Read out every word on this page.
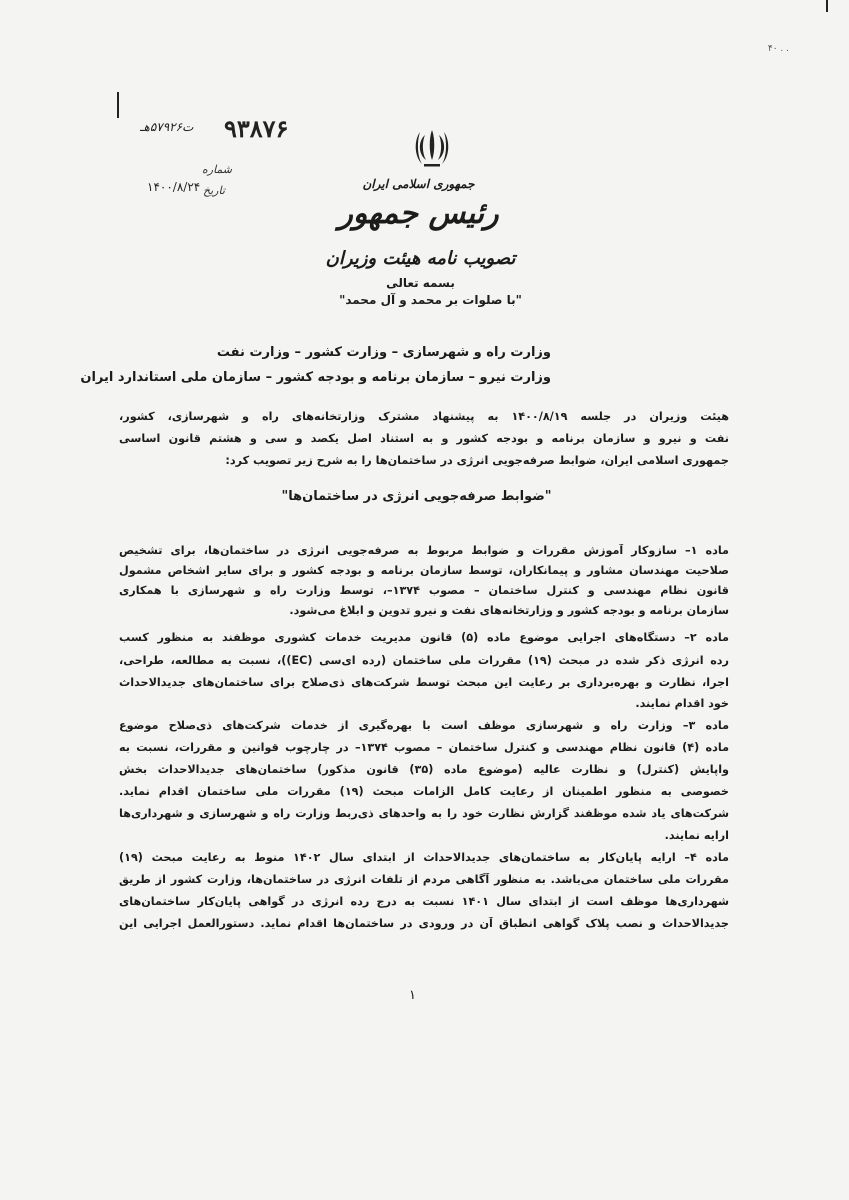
۴۰ . .
۹۳۸۷۶
ت۵۷۹۲۶هـ
شماره
۱۴۰۰/۸/۲۴ تاریخ	جمهوری اسلامی ایران
رئیس جمهور
تصویب نامه هیئت وزیران
بسمه تعالی
"با صلوات بر محمد و آل محمد"
وزارت راه و شهرسازی – وزارت کشور – وزارت نفت
وزارت نیرو – سازمان برنامه و بودجه کشور – سازمان ملی استاندارد ایران
هیئت وزیران در جلسه ۱۴۰۰/۸/۱۹ به پیشنهاد مشترک وزارتخانه‌های راه و شهرسازی، کشور،
نفت و نیرو و سازمان برنامه و بودجه کشور و به استناد اصل یکصد و سی و هشتم قانون اساسی
جمهوری اسلامی ایران، ضوابط صرفه‌جویی انرژی در ساختمان‌ها را به شرح زیر تصویب کرد:
"ضوابط صرفه‌جویی انرژی در ساختمان‌ها"
ماده ۱– سازوکار آموزش مقررات و ضوابط مربوط به صرفه‌جویی انرژی در ساختمان‌ها، برای تشخیص
صلاحیت مهندسان مشاور و پیمانکاران، توسط سازمان برنامه و بودجه کشور و برای سایر اشخاص مشمول
قانون نظام مهندسی و کنترل ساختمان – مصوب ۱۳۷۴–، توسط وزارت راه و شهرسازی با همکاری
سازمان برنامه و بودجه کشور و وزارتخانه‌های نفت و نیرو تدوین و ابلاغ می‌شود.
ماده ۲– دستگاه‌های اجرایی موضوع ماده (۵) قانون مدیریت خدمات کشوری موظفند به منظور کسب
رده انرژی ذکر شده در مبحث (۱۹) مقررات ملی ساختمان (رده ای‌سی (EC))، نسبت به مطالعه، طراحی،
اجرا، نظارت و بهره‌برداری بر رعایت این مبحث توسط شرکت‌های ذی‌صلاح برای ساختمان‌های جدیدالاحداث
خود اقدام نمایند.
ماده ۳– وزارت راه و شهرسازی موظف است با بهره‌گیری از خدمات شرکت‌های ذی‌صلاح موضوع
ماده (۴) قانون نظام مهندسی و کنترل ساختمان – مصوب ۱۳۷۴– در چارچوب قوانین و مقررات، نسبت به
واپایش (کنترل) و نظارت عالیه (موضوع ماده (۳۵) قانون مذکور) ساختمان‌های جدیدالاحداث بخش
خصوصی به منظور اطمینان از رعایت کامل الزامات مبحث (۱۹) مقررات ملی ساختمان اقدام نماید.
شرکت‌های یاد شده موظفند گزارش نظارت خود را به واحدهای ذی‌ربط وزارت راه و شهرسازی و شهرداری‌ها
ارایه نمایند.
ماده ۴– ارایه پایان‌کار به ساختمان‌های جدیدالاحداث از ابتدای سال ۱۴۰۲ منوط به رعایت مبحث (۱۹)
مقررات ملی ساختمان می‌باشد. به منظور آگاهی مردم از تلفات انرژی در ساختمان‌ها، وزارت کشور از طریق
شهرداری‌ها موظف است از ابتدای سال ۱۴۰۱ نسبت به درج رده انرژی در گواهی پایان‌کار ساختمان‌های
جدیدالاحداث و نصب پلاک گواهی انطباق آن در ورودی در ساختمان‌ها اقدام نماید. دستورالعمل اجرایی این
۱
